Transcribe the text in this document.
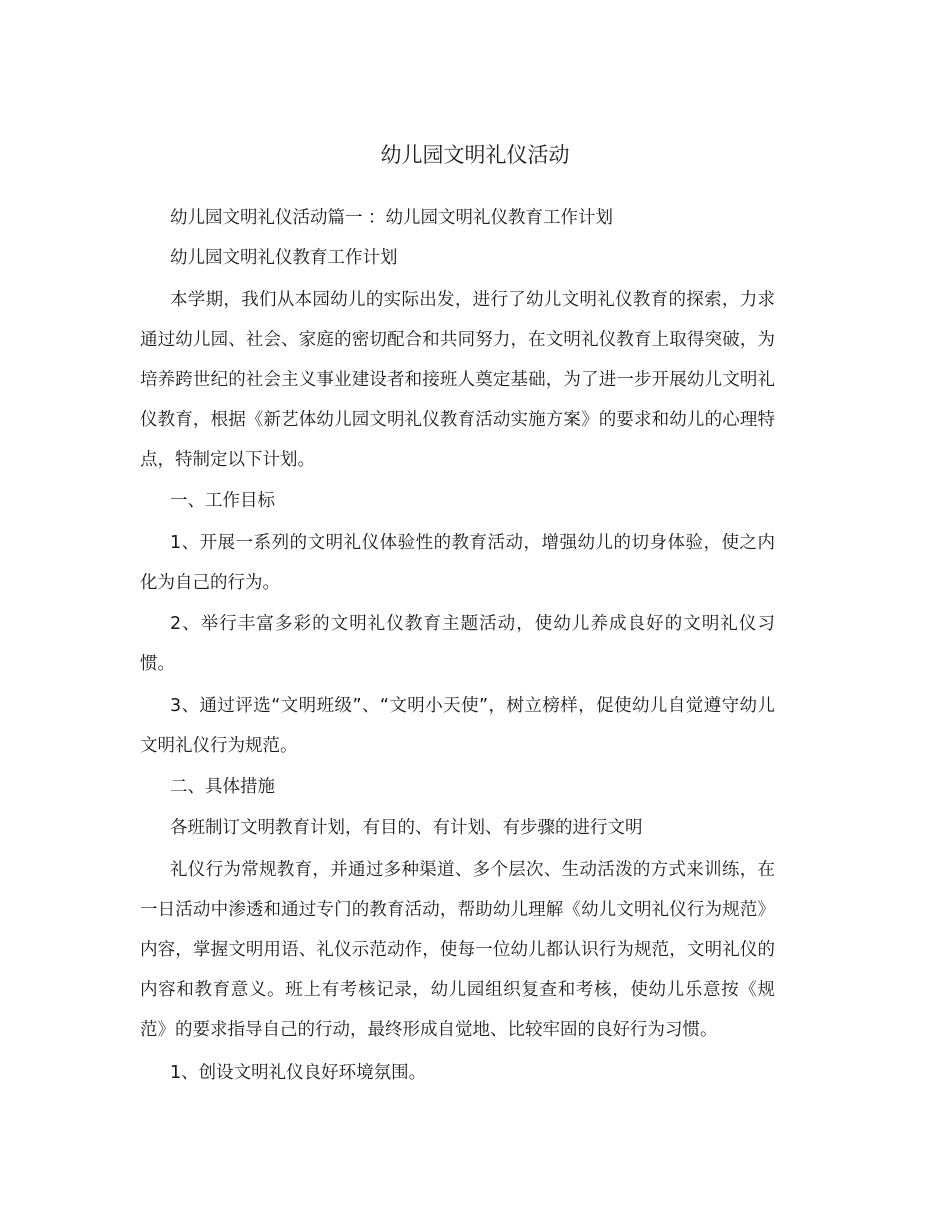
幼儿园文明礼仪活动

幼儿园文明礼仪活动篇一 ：幼儿园文明礼仪教育工作计划

幼儿园文明礼仪教育工作计划

本学期，我们从本园幼儿的实际出发，进行了幼儿文明礼仪教育的探索，力求通过幼儿园、社会、家庭的密切配合和共同努力，在文明礼仪教育上取得突破，为培养跨世纪的社会主义事业建设者和接班人奠定基础，为了进一步开展幼儿文明礼仪教育，根据《新艺体幼儿园文明礼仪教育活动实施方案》的要求和幼儿的心理特点，特制定以下计划。

一、工作目标

1、开展一系列的文明礼仪体验性的教育活动，增强幼儿的切身体验，使之内化为自己的行为。

2、举行丰富多彩的文明礼仪教育主题活动，使幼儿养成良好的文明礼仪习惯。

3、通过评选“文明班级”、“文明小天使”，树立榜样，促使幼儿自觉遵守幼儿文明礼仪行为规范。

二、具体措施

各班制订文明教育计划，有目的、有计划、有步骤的进行文明

礼仪行为常规教育，并通过多种渠道、多个层次、生动活泼的方式来训练，在一日活动中渗透和通过专门的教育活动，帮助幼儿理解《幼儿文明礼仪行为规范》内容，掌握文明用语、礼仪示范动作，使每一位幼儿都认识行为规范，文明礼仪的内容和教育意义。班上有考核记录，幼儿园组织复查和考核，使幼儿乐意按《规范》的要求指导自己的行动，最终形成自觉地、比较牢固的良好行为习惯。

1、创设文明礼仪良好环境氛围。
